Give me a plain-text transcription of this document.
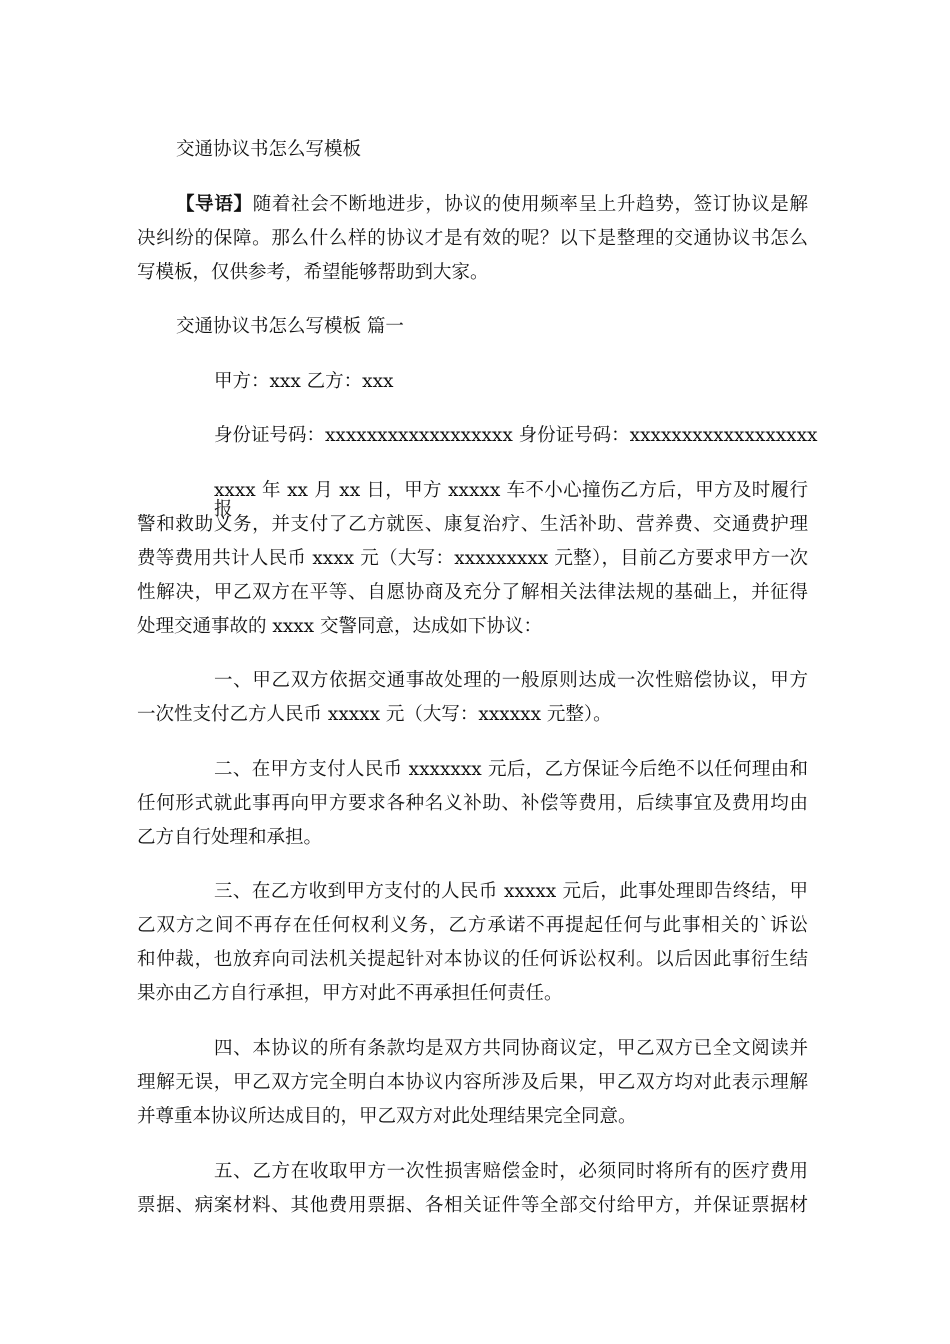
交通协议书怎么写模板
【导语】随着社会不断地进步，协议的使用频率呈上升趋势，签订协议是解
决纠纷的保障。那么什么样的协议才是有效的呢？以下是整理的交通协议书怎么
写模板，仅供参考，希望能够帮助到大家。
交通协议书怎么写模板 篇一
甲方：xxx 乙方：xxx
身份证号码：xxxxxxxxxxxxxxxxxx 身份证号码：xxxxxxxxxxxxxxxxxx
xxxx 年 xx 月 xx 日，甲方 xxxxx 车不小心撞伤乙方后，甲方及时履行报
警和救助义务，并支付了乙方就医、康复治疗、生活补助、营养费、交通费护理
费等费用共计人民币 xxxx 元（大写：xxxxxxxxx 元整），目前乙方要求甲方一次
性解决，甲乙双方在平等、自愿协商及充分了解相关法律法规的基础上，并征得
处理交通事故的 xxxx 交警同意，达成如下协议：
一、甲乙双方依据交通事故处理的一般原则达成一次性赔偿协议，甲方
一次性支付乙方人民币 xxxxx 元（大写：xxxxxx 元整）。
二、在甲方支付人民币 xxxxxxx 元后，乙方保证今后绝不以任何理由和
任何形式就此事再向甲方要求各种名义补助、补偿等费用，后续事宜及费用均由
乙方自行处理和承担。
三、在乙方收到甲方支付的人民币 xxxxx 元后，此事处理即告终结，甲
乙双方之间不再存在任何权利义务，乙方承诺不再提起任何与此事相关的`诉讼
和仲裁，也放弃向司法机关提起针对本协议的任何诉讼权利。以后因此事衍生结
果亦由乙方自行承担，甲方对此不再承担任何责任。
四、本协议的所有条款均是双方共同协商议定，甲乙双方已全文阅读并
理解无误，甲乙双方完全明白本协议内容所涉及后果，甲乙双方均对此表示理解
并尊重本协议所达成目的，甲乙双方对此处理结果完全同意。
五、乙方在收取甲方一次性损害赔偿金时，必须同时将所有的医疗费用
票据、病案材料、其他费用票据、各相关证件等全部交付给甲方，并保证票据材
